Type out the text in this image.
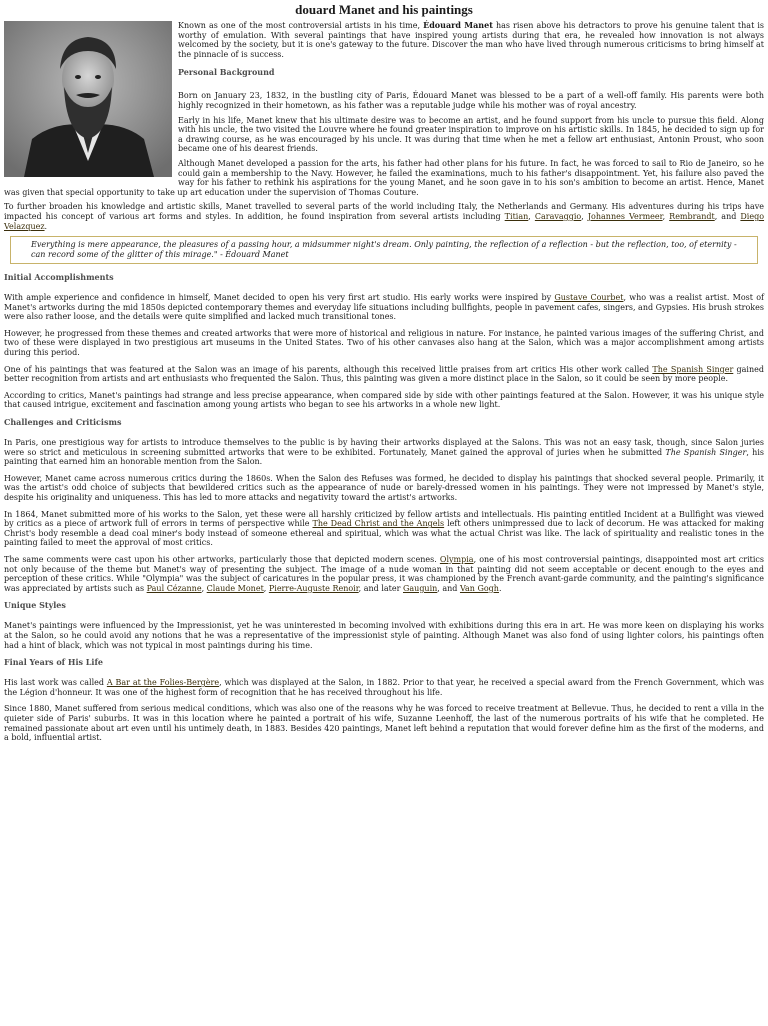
douard Manet and his paintings

Known as one of the most controversial artists in his time, Édouard Manet has risen above his detractors to prove his genuine talent that is worthy of emulation. With several paintings that have inspired young artists during that era, he revealed how innovation is not always welcomed by the society, but it is one's gateway to the future. Discover the man who have lived through numerous criticisms to bring himself at the pinnacle of is success.

Personal Background

Born on January 23, 1832, in the bustling city of Paris, Édouard Manet was blessed to be a part of a well-off family. His parents were both highly recognized in their hometown, as his father was a reputable judge while his mother was of royal ancestry.

Early in his life, Manet knew that his ultimate desire was to become an artist, and he found support from his uncle to pursue this field. Along with his uncle, the two visited the Louvre where he found greater inspiration to improve on his artistic skills. In 1845, he decided to sign up for a drawing course, as he was encouraged by his uncle. It was during that time when he met a fellow art enthusiast, Antonin Proust, who soon became one of his dearest friends.

Although Manet developed a passion for the arts, his father had other plans for his future. In fact, he was forced to sail to Rio de Janeiro, so he could gain a membership to the Navy. However, he failed the examinations, much to his father's disappointment. Yet, his failure also paved the way for his father to rethink his aspirations for the young Manet, and he soon gave in to his son's ambition to become an artist. Hence, Manet was given that special opportunity to take up art education under the supervision of Thomas Couture.

To further broaden his knowledge and artistic skills, Manet travelled to several parts of the world including Italy, the Netherlands and Germany. His adventures during his trips have impacted his concept of various art forms and styles. In addition, he found inspiration from several artists including Titian, Caravaggio, Johannes Vermeer, Rembrandt, and Diego Velazquez.

Everything is mere appearance, the pleasures of a passing hour, a midsummer night's dream. Only painting, the reflection of a reflection - but the reflection, too, of eternity - can record some of the glitter of this mirage." - Édouard Manet
Initial Accomplishments

With ample experience and confidence in himself, Manet decided to open his very first art studio. His early works were inspired by Gustave Courbet, who was a realist artist. Most of Manet's artworks during the mid 1850s depicted contemporary themes and everyday life situations including bullfights, people in pavement cafes, singers, and Gypsies. His brush strokes were also rather loose, and the details were quite simplified and lacked much transitional tones.

However, he progressed from these themes and created artworks that were more of historical and religious in nature. For instance, he painted various images of the suffering Christ, and two of these were displayed in two prestigious art museums in the United States. Two of his other canvases also hang at the Salon, which was a major accomplishment among artists during this period.

One of his paintings that was featured at the Salon was an image of his parents, although this received little praises from art critics His other work called The Spanish Singer gained better recognition from artists and art enthusiasts who frequented the Salon. Thus, this painting was given a more distinct place in the Salon, so it could be seen by more people.

According to critics, Manet's paintings had strange and less precise appearance, when compared side by side with other paintings featured at the Salon. However, it was his unique style that caused intrigue, excitement and fascination among young artists who began to see his artworks in a whole new light.

Challenges and Criticisms

In Paris, one prestigious way for artists to introduce themselves to the public is by having their artworks displayed at the Salons. This was not an easy task, though, since Salon juries were so strict and meticulous in screening submitted artworks that were to be exhibited. Fortunately, Manet gained the approval of juries when he submitted The Spanish Singer, his painting that earned him an honorable mention from the Salon.

However, Manet came across numerous critics during the 1860s. When the Salon des Refuses was formed, he decided to display his paintings that shocked several people. Primarily, it was the artist's odd choice of subjects that bewildered critics such as the appearance of nude or barely-dressed women in his paintings. They were not impressed by Manet's style, despite his originality and uniqueness. This has led to more attacks and negativity toward the artist's artworks.

In 1864, Manet submitted more of his works to the Salon, yet these were all harshly criticized by fellow artists and intellectuals. His painting entitled Incident at a Bullfight was viewed by critics as a piece of artwork full of errors in terms of perspective while The Dead Christ and the Angels left others unimpressed due to lack of decorum. He was attacked for making Christ's body resemble a dead coal miner's body instead of someone ethereal and spiritual, which was what the actual Christ was like. The lack of spirituality and realistic tones in the painting failed to meet the approval of most critics.

The same comments were cast upon his other artworks, particularly those that depicted modern scenes. Olympia, one of his most controversial paintings, disappointed most art critics not only because of the theme but Manet's way of presenting the subject. The image of a nude woman in that painting did not seem acceptable or decent enough to the eyes and perception of these critics. While "Olympia" was the subject of caricatures in the popular press, it was championed by the French avant-garde community, and the painting's significance was appreciated by artists such as Paul Cézanne, Claude Monet, Pierre-Auguste Renoir, and later Gauguin, and Van Gogh.

Unique Styles

Manet's paintings were influenced by the Impressionist, yet he was uninterested in becoming involved with exhibitions during this era in art. He was more keen on displaying his works at the Salon, so he could avoid any notions that he was a representative of the impressionist style of painting. Although Manet was also fond of using lighter colors, his paintings often had a hint of black, which was not typical in most paintings during his time.

Final Years of His Life

His last work was called A Bar at the Folies-Bergère, which was displayed at the Salon, in 1882. Prior to that year, he received a special award from the French Government, which was the Légion d'honneur. It was one of the highest form of recognition that he has received throughout his life.

Since 1880, Manet suffered from serious medical conditions, which was also one of the reasons why he was forced to receive treatment at Bellevue. Thus, he decided to rent a villa in the quieter side of Paris' suburbs. It was in this location where he painted a portrait of his wife, Suzanne Leenhoff, the last of the numerous portraits of his wife that he completed. He remained passionate about art even until his untimely death, in 1883. Besides 420 paintings, Manet left behind a reputation that would forever define him as the first of the moderns, and a bold, influential artist.
